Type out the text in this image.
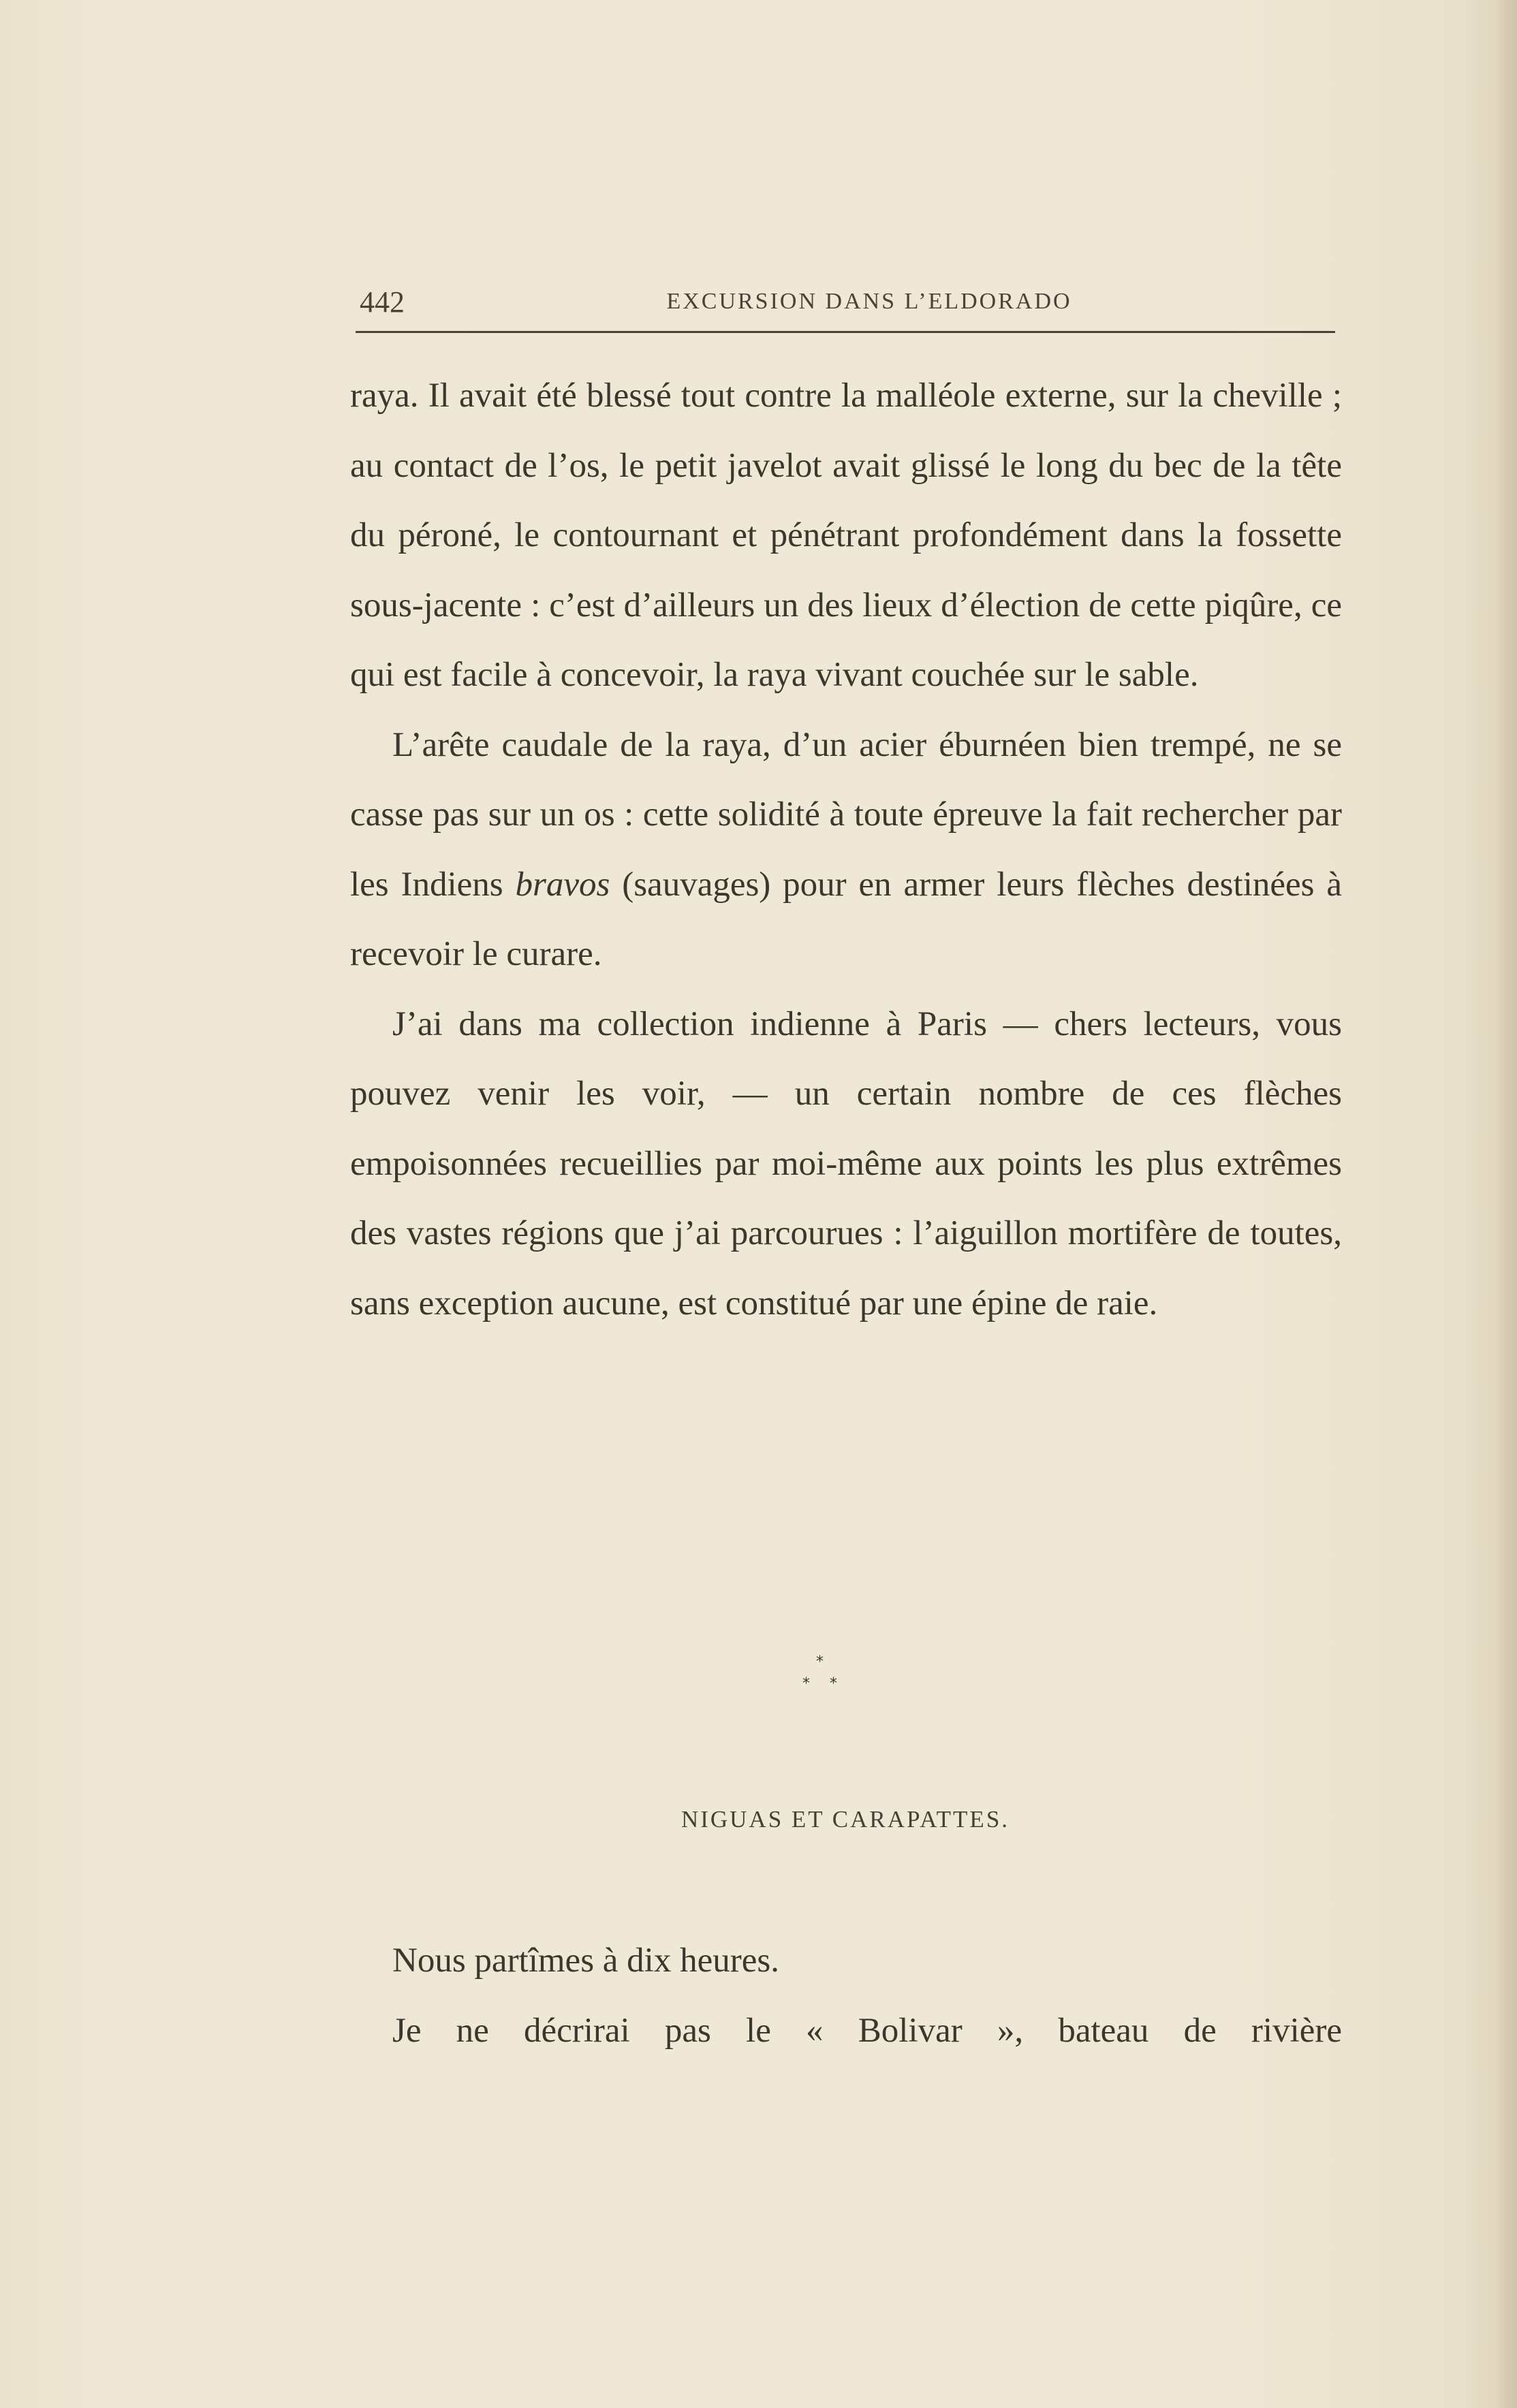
442	EXCURSION DANS L’ELDORADO

raya. Il avait été blessé tout contre la malléole externe, sur la cheville ; au contact de l’os, le petit javelot avait glissé le long du bec de la tête du péroné, le contournant et pénétrant profondément dans la fossette sous-jacente : c’est d’ailleurs un des lieux d’élection de cette piqûre, ce qui est facile à concevoir, la raya vivant couchée sur le sable.

L’arête caudale de la raya, d’un acier éburnéen bien trempé, ne se casse pas sur un os : cette solidité à toute épreuve la fait rechercher par les Indiens bravos (sauvages) pour en armer leurs flèches destinées à recevoir le curare.

J’ai dans ma collection indienne à Paris — chers lecteurs, vous pouvez venir les voir, — un certain nombre de ces flèches empoisonnées recueillies par moi-même aux points les plus extrêmes des vastes régions que j’ai parcourues : l’aiguillon mortifère de toutes, sans exception aucune, est constitué par une épine de raie.

*
* *
NIGUAS ET CARAPATTES.

Nous partîmes à dix heures.

Je ne décrirai pas le « Bolivar », bateau de rivière
